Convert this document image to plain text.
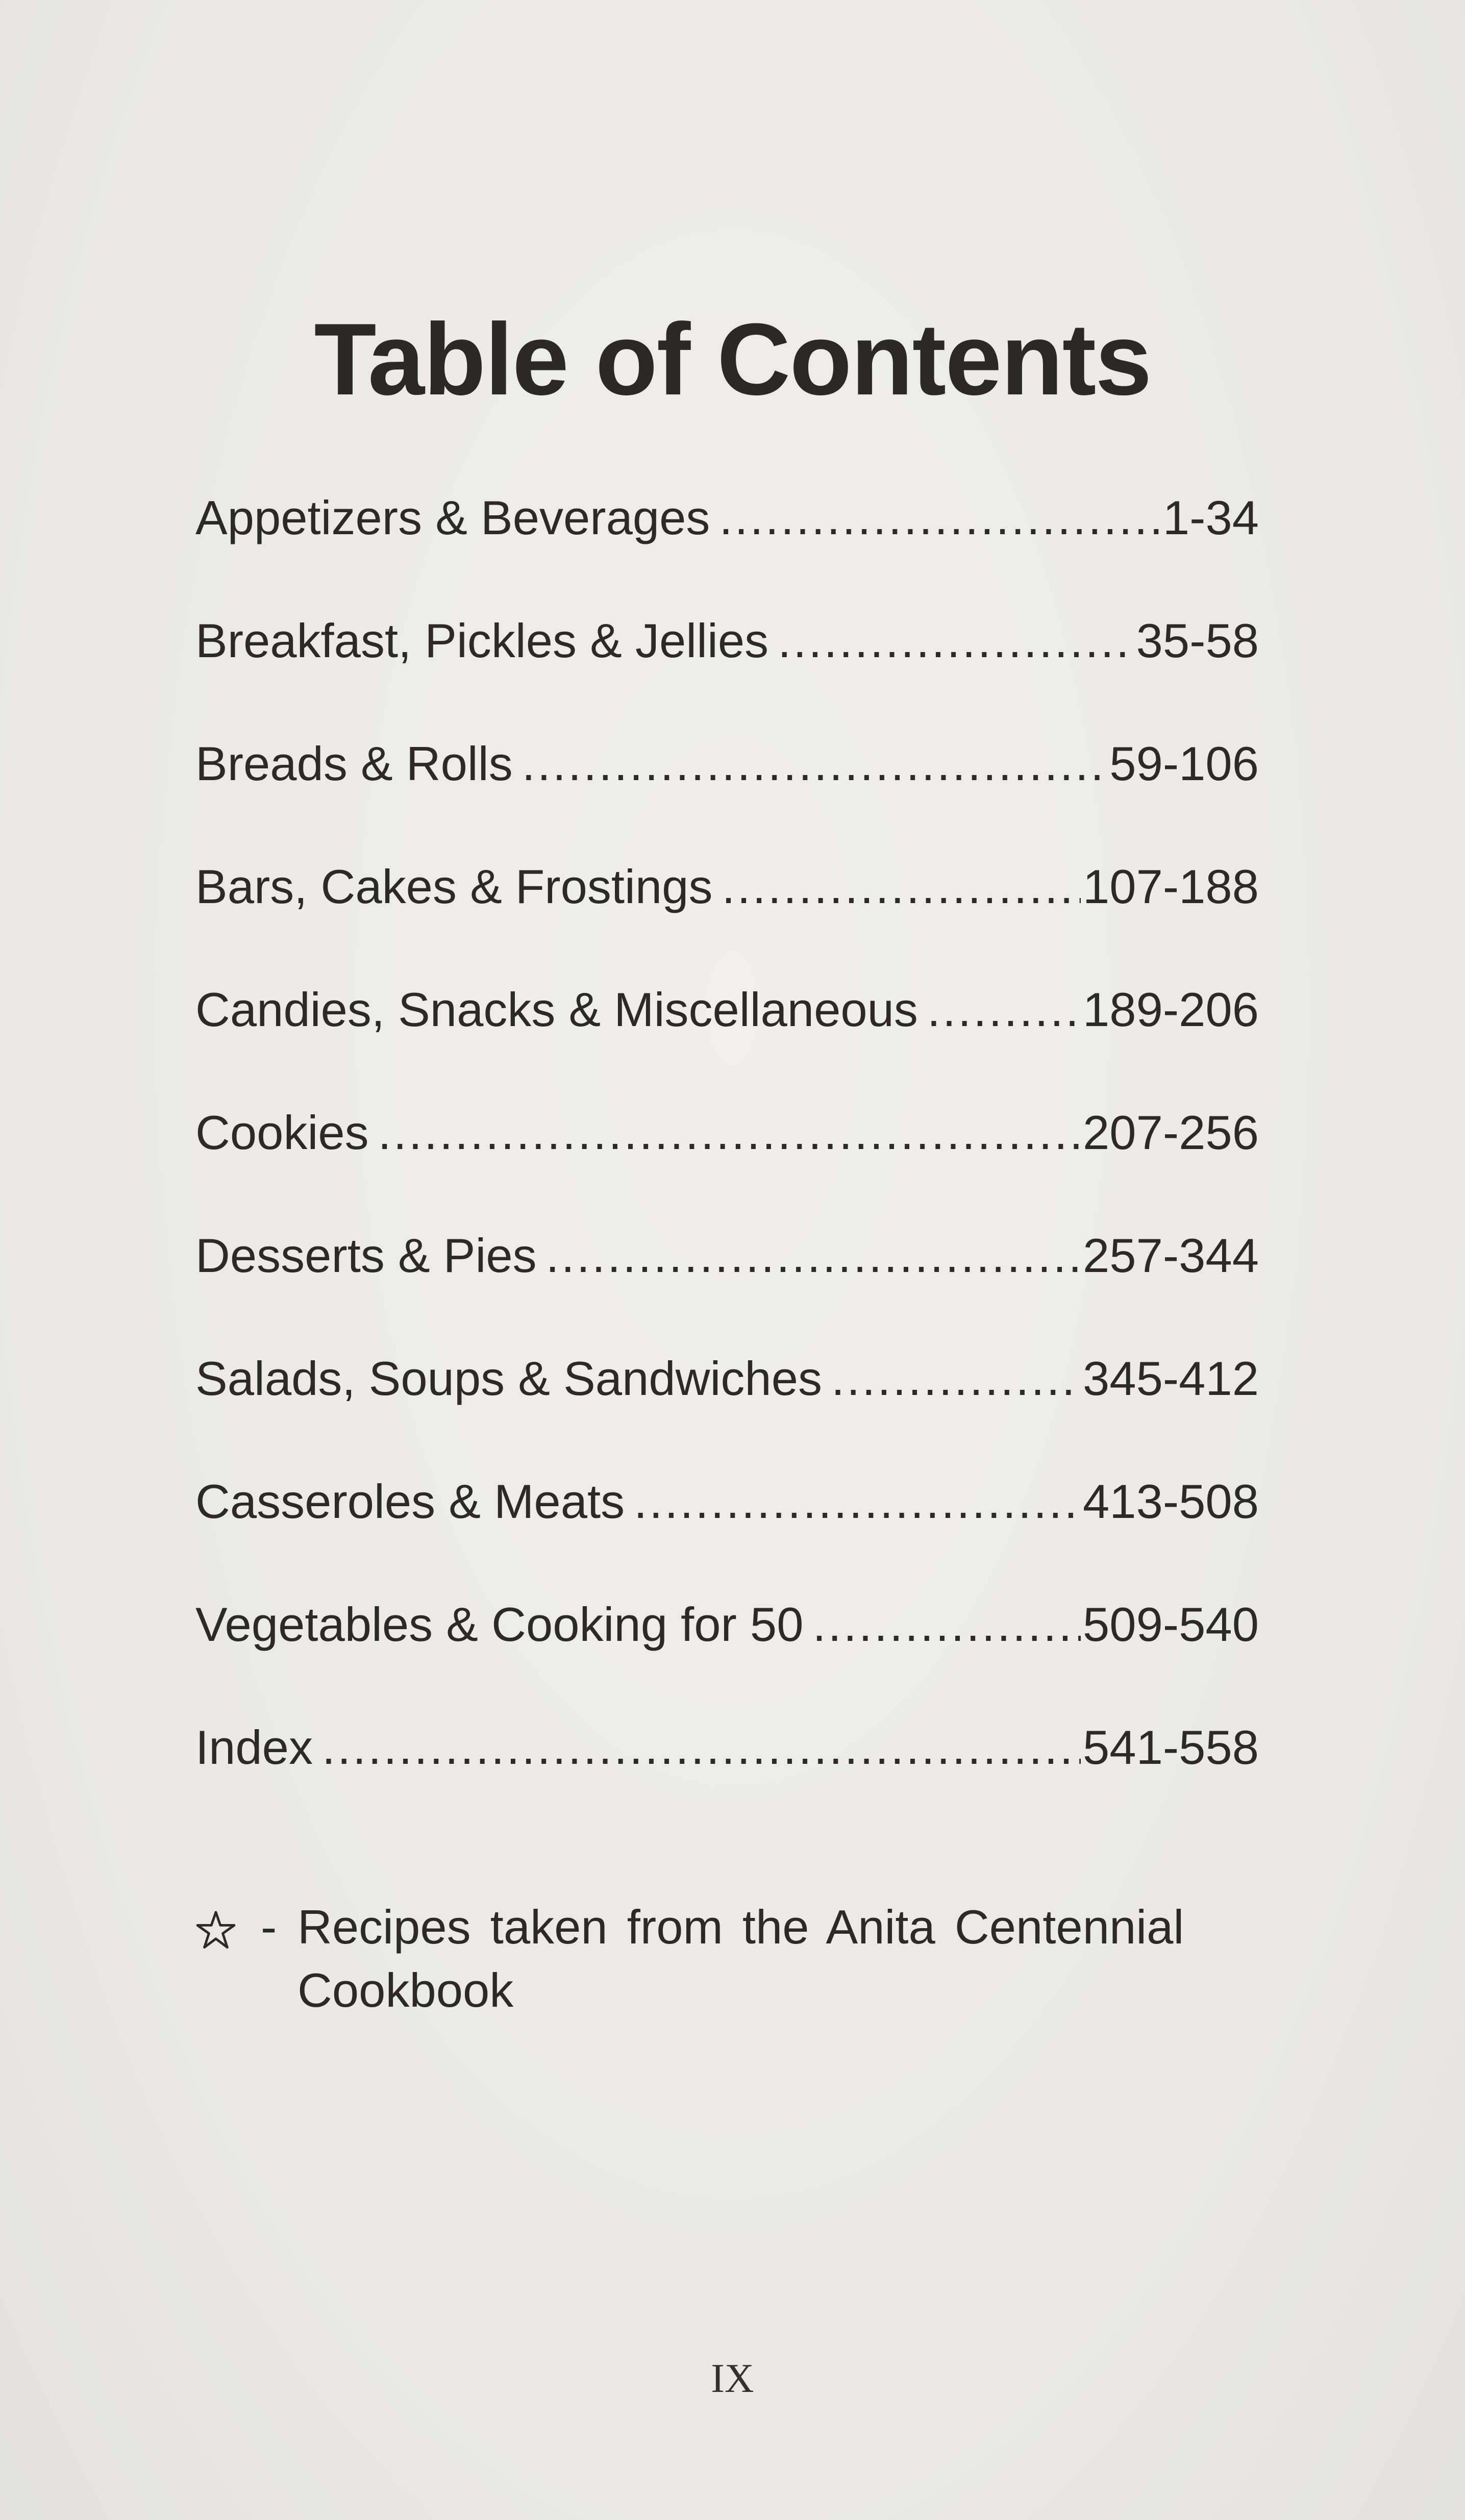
Table of Contents
Appetizers & Beverages .....	1-34
Breakfast, Pickles & Jellies .....	35-58
Breads & Rolls .....	59-106
Bars, Cakes & Frostings .....	107-188
Candies, Snacks & Miscellaneous .....	189-206
Cookies .....	207-256
Desserts & Pies .....	257-344
Salads, Soups & Sandwiches .....	345-412
Casseroles & Meats .....	413-508
Vegetables & Cooking for 50 .....	509-540
Index .....	541-558
- Recipes taken from the Anita Centennial Cookbook
IX
